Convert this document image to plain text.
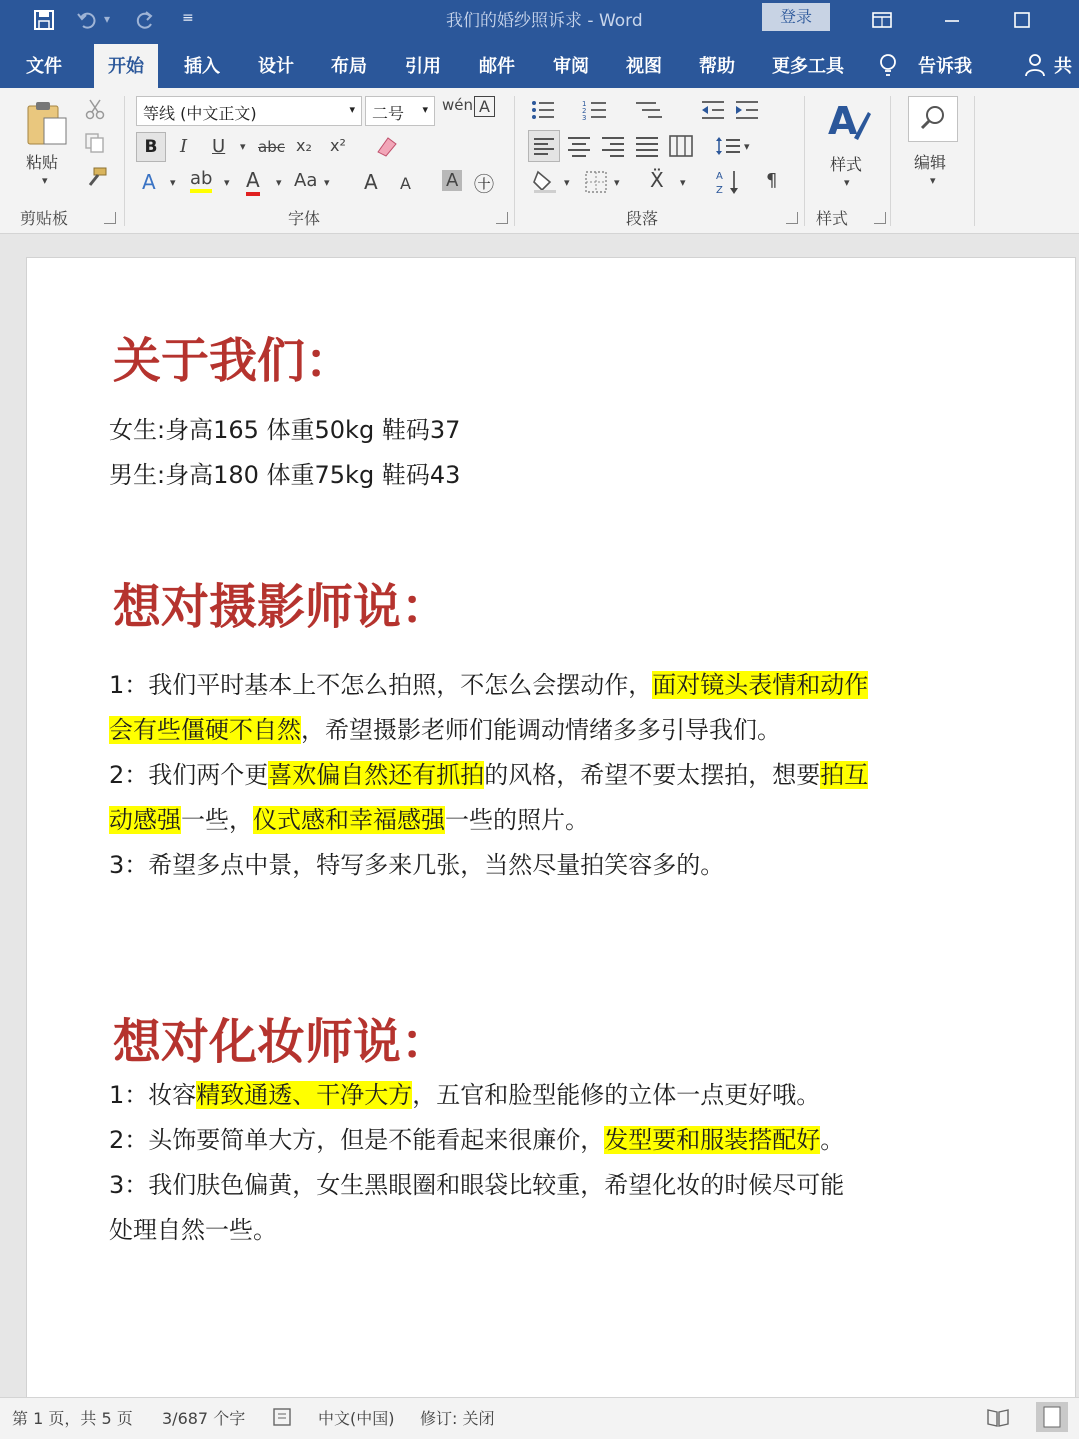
▾	≡	我们的婚纱照诉求 - Word	登录
文件	开始	插入 设计 布局 引用 邮件 审阅 视图 帮助 更多工具	告诉我	共
粘贴
▾
剪贴板
等线 (中文正文)	▾	二号 ▾ wén A
B	I U ▾ abc x₂ x²
A ▾ ab ▾ A ▾ Aa ▾ A A A ㊉
字体
1
2
3
▾
▾	▾ Ẍ ▾	A
Z ¶
段落
A
样式
▾
样式
编辑
▾
关于我们：
女生:身高165 体重50kg 鞋码37
男生:身高180 体重75kg 鞋码43
想对摄影师说：
1：我们平时基本上不怎么拍照，不怎么会摆动作，面对镜头表情和动作
会有些僵硬不自然，希望摄影老师们能调动情绪多多引导我们。
2：我们两个更喜欢偏自然还有抓拍的风格，希望不要太摆拍，想要拍互
动感强一些，仪式感和幸福感强一些的照片。
3：希望多点中景，特写多来几张，当然尽量拍笑容多的。
想对化妆师说：
1：妆容精致通透、干净大方，五官和脸型能修的立体一点更好哦。
2：头饰要简单大方，但是不能看起来很廉价，发型要和服装搭配好。
3：我们肤色偏黄，女生黑眼圈和眼袋比较重，希望化妆的时候尽可能
处理自然一些。
第 1 页，共 5 页 3/687 个字	中文(中国) 修订: 关闭
